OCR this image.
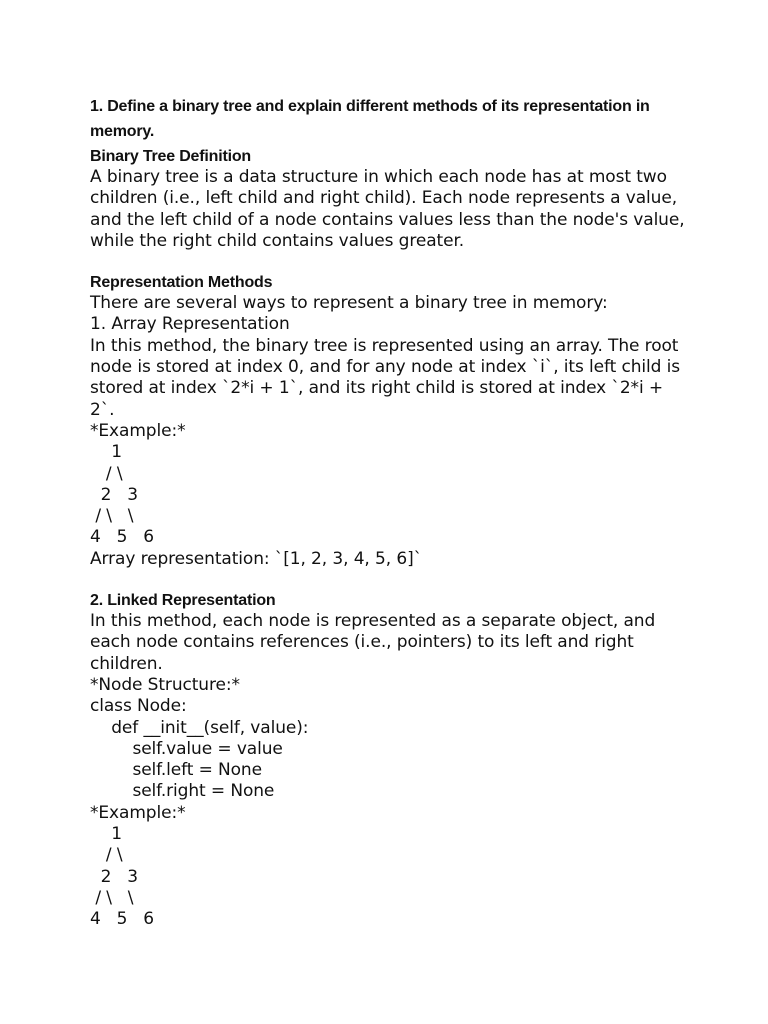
1. Define a binary tree and explain different methods of its representation in memory.

Binary Tree Definition

A binary tree is a data structure in which each node has at most two children (i.e., left child and right child). Each node represents a value, and the left child of a node contains values less than the node's value, while the right child contains values greater.

Representation Methods

There are several ways to represent a binary tree in memory:

1. Array Representation

In this method, the binary tree is represented using an array. The root node is stored at index 0, and for any node at index `i`, its left child is stored at index `2*i + 1`, and its right child is stored at index `2*i + 2`.

*Example:*

1
/ \
2   3
/ \   \
4   5   6

Array representation: `[1, 2, 3, 4, 5, 6]`

2. Linked Representation

In this method, each node is represented as a separate object, and each node contains references (i.e., pointers) to its left and right children.

*Node Structure:*

class Node:
def __init__(self, value):
self.value = value
self.left = None
self.right = None

*Example:*

1
/ \
2   3
/ \   \
4   5   6
